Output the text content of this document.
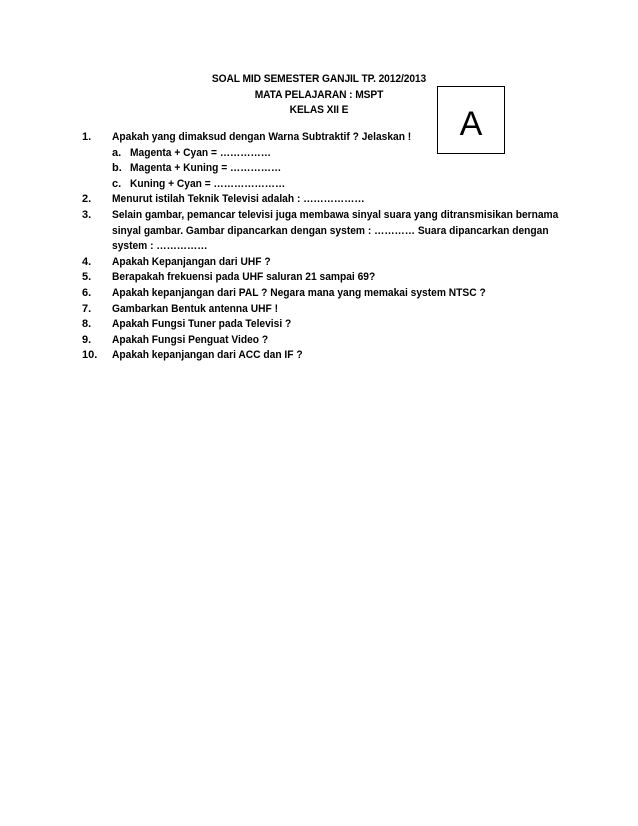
SOAL MID SEMESTER GANJIL TP. 2012/2013
MATA PELAJARAN : MSPT
KELAS XII E	A
1. Apakah yang dimaksud dengan Warna Subtraktif ? Jelaskan !
a. Magenta + Cyan = ……………
b. Magenta + Kuning = ……………
c. Kuning + Cyan = …………………
2. Menurut istilah Teknik Televisi adalah : ………………
3. Selain gambar, pemancar televisi juga membawa sinyal suara yang ditransmisikan bernama
sinyal gambar. Gambar dipancarkan dengan system : ………… Suara dipancarkan dengan
system : ……………
4. Apakah Kepanjangan dari UHF ?
5. Berapakah frekuensi pada UHF saluran 21 sampai 69?
6. Apakah kepanjangan dari PAL ? Negara mana yang memakai system NTSC ?
7. Gambarkan Bentuk antenna UHF !
8. Apakah Fungsi Tuner pada Televisi ?
9. Apakah Fungsi Penguat Video ?
10. Apakah kepanjangan dari ACC dan IF ?
